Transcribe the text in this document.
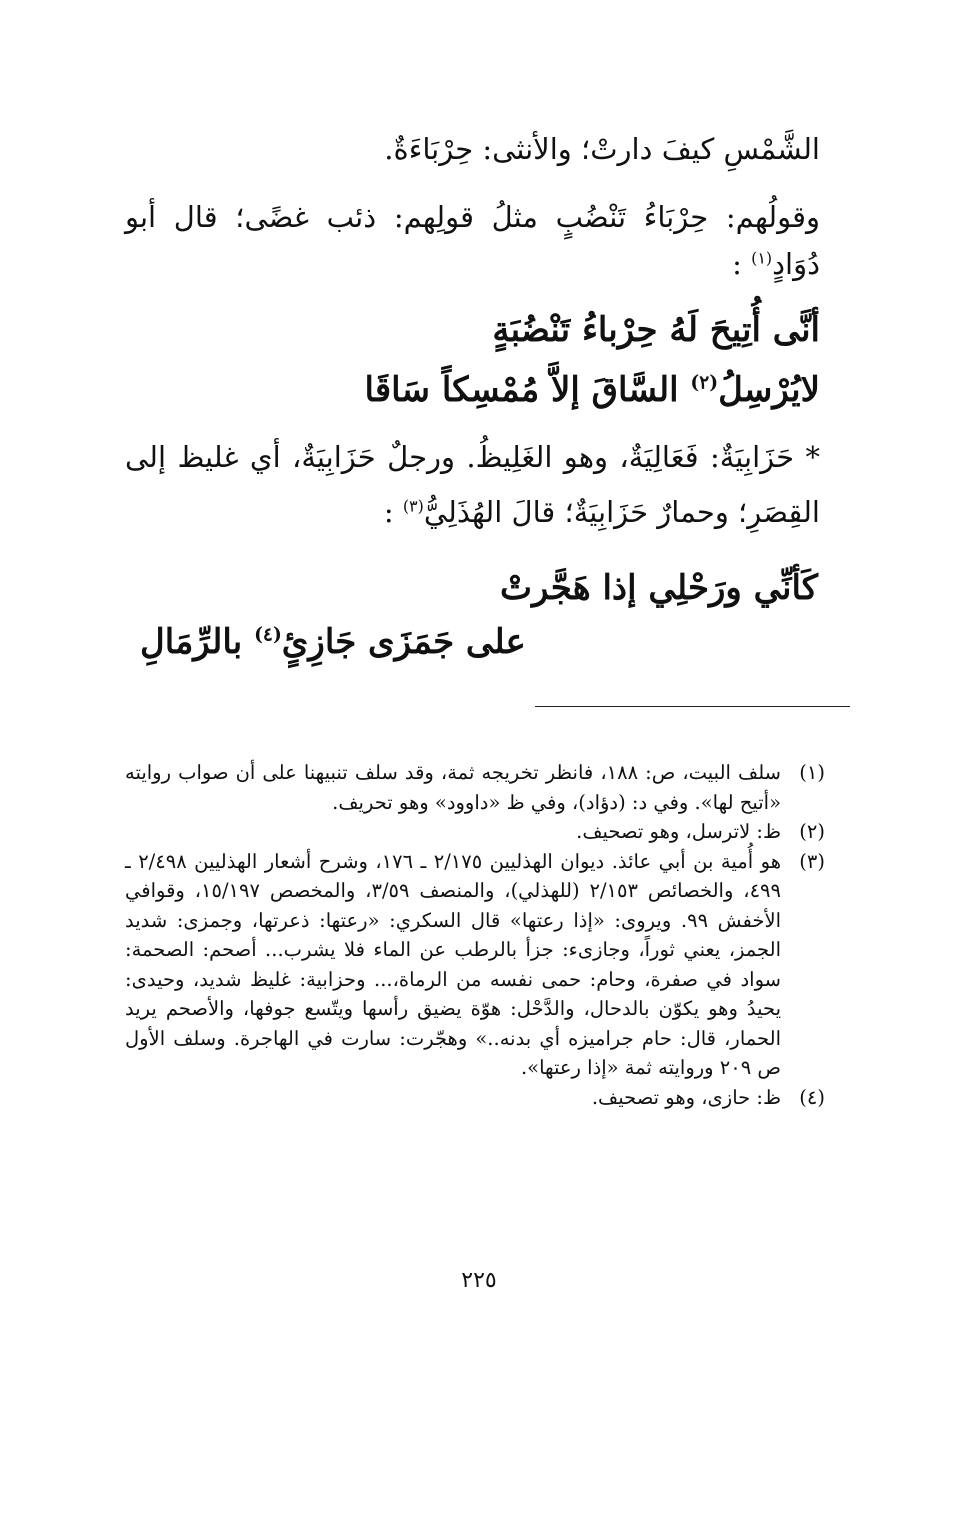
الشَّمْسِ كيفَ دارتْ؛ والأنثى: حِرْبَاءَةٌ.
وقولُهم: حِرْبَاءُ تَنْضُبٍ مثلُ قولِهم: ذئب غضًى؛ قال أبو
دُوَادٍ$^{(١)}$ :
أنَّى أُتِيحَ لَهُ حِرْباءُ تَنْضُبَةٍ
لايُرْسِلُ$^{(٢)}$ السَّاقَ إلاَّ مُمْسِكاً سَاقَا
* حَزَابِيَةٌ: فَعَالِيَةٌ، وهو الغَلِيظُ. ورجلٌ حَزَابِيَةٌ، أي غليظ إلى
القِصَرِ؛ وحمارٌ حَزَابِيَةٌ؛ قالَ الهُذَلِيُّ$^{(٣)}$ :
كَأنِّي ورَحْلِي إذا هَجَّرتْ
على جَمَزَى جَازِئٍ$^{(٤)}$ بالرِّمَالِ
(١)
سلف البيت، ص: ١٨٨، فانظر تخريجه ثمة، وقد سلف تنبيهنا على أن صواب روايته «أتيح لها». وفي د: (دؤاد)، وفي ظ «داوود» وهو تحريف.
(٢)
ظ: لاترسل، وهو تصحيف.
(٣)
هو أُمية بن أبي عائذ. ديوان الهذليين ٢/١٧٥ ـ ١٧٦، وشرح أشعار الهذليين ٢/٤٩٨ ـ ٤٩٩، والخصائص ٢/١٥٣ (للهذلي)، والمنصف ٣/٥٩، والمخصص ١٥/١٩٧، وقوافي الأخفش ٩٩. ويروى: «إذا رعتها» قال السكري: «رعتها: ذعرتها، وجمزى: شديد الجمز، يعني ثوراً، وجازىء: جزأ بالرطب عن الماء فلا يشرب... أصحم: الصحمة: سواد في صفرة، وحام: حمى نفسه من الرماة،... وحزابية: غليظ شديد، وحيدى: يحيدُ وهو يكوّن بالدحال، والدَّحْل: هوّة يضيق رأسها ويتّسع جوفها، والأصحم يريد الحمار، قال: حام جراميزه أي بدنه..» وهجّرت: سارت في الهاجرة. وسلف الأول ص ٢٠٩ وروايته ثمة «إذا رعتها».
(٤)
ظ: حازى، وهو تصحيف.
٢٢٥
